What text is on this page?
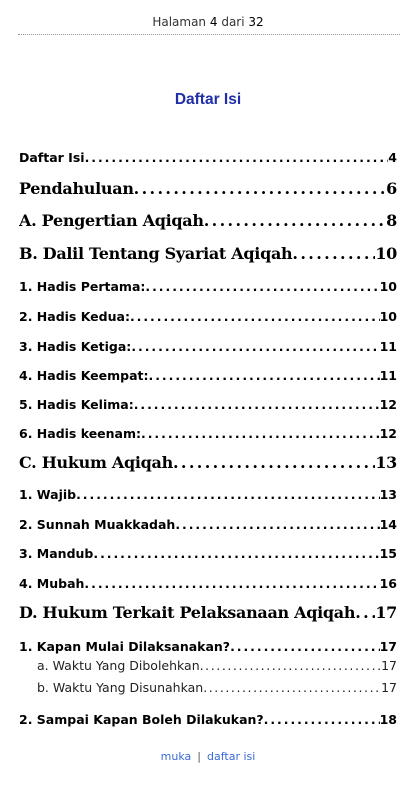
Halaman 4 dari 32
Daftar Isi
Daftar Isi . . .	4
Pendahuluan . . .	6
A. Pengertian Aqiqah . . .	8
B. Dalil Tentang Syariat Aqiqah . . .	10
1. Hadis Pertama: . . .	10
2. Hadis Kedua: . . .	10
3. Hadis Ketiga: . . .	11
4. Hadis Keempat: . . .	11
5. Hadis Kelima: . . .	12
6. Hadis keenam: . . .	12
C. Hukum Aqiqah . . .	13
1. Wajib . . .	13
2. Sunnah Muakkadah . . .	14
3. Mandub . . .	15
4. Mubah . . .	16
D. Hukum Terkait Pelaksanaan Aqiqah . . . 17
1. Kapan Mulai Dilaksanakan? . . .	17
a. Waktu Yang Dibolehkan . . .	17
b. Waktu Yang Disunahkan . . .	17
2. Sampai Kapan Boleh Dilakukan? . . .	18
muka | daftar isi
